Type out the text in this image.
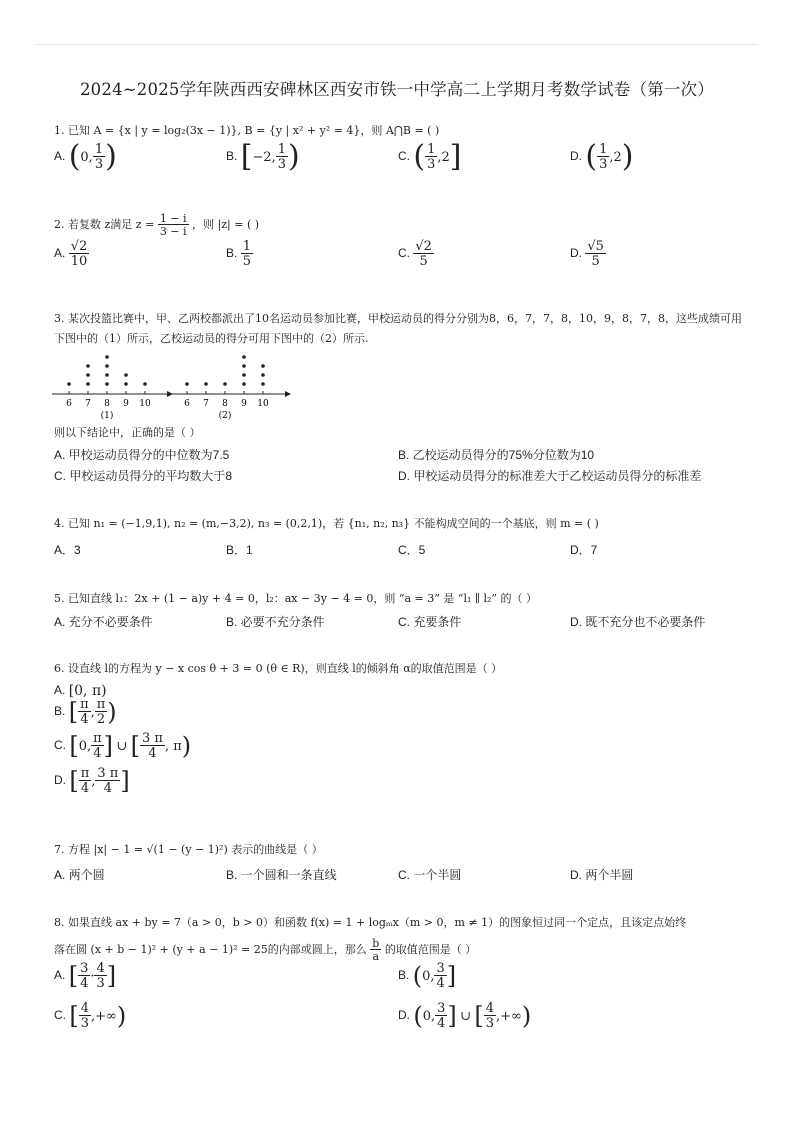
2024~2025学年陕西西安碑林区西安市铁一中学高二上学期月考数学试卷（第一次）
1. 已知 A = {x | y = log₂(3x − 1)}, B = {y | x² + y² = 4}，则 A⋂B = ( )
A. (0, $\frac{1}{3}$ )	B. [−2, $\frac{1}{3}$ )	C. ( $\frac{1}{3} ,2$]	D. ( $\frac{1}{3} ,2$)
2. 若复数 z满足 $z = \frac{1 - i}{3 - i}$ ，则 |z| = ( )
A. $\frac{√2}{10}$	B. $\frac{1}{5}$	C. $\frac{√2}{5}$	D. $\frac{√5}{5}$
3. 某次投篮比赛中，甲、乙两校都派出了10名运动员参加比赛，甲校运动员的得分分别为8，6，7，7，8，10，9，8，7，8，这些成绩可用下图中的（1）所示，乙校运动员的得分可用下图中的（2）所示.
6 7 8 9 10
(1)
6 7 8 9 10
(2)
则以下结论中，正确的是（ ）
A. 甲校运动员得分的中位数为7.5	B. 乙校运动员得分的75%分位数为10
C. 甲校运动员得分的平均数大于8	D. 甲校运动员得分的标准差大于乙校运动员得分的标准差
4. 已知 n₁ = (−1,9,1), n₂ = (m,−3,2), n₃ = (0,2,1)，若 {n₁, n₂, n₃} 不能构成空间的一个基底，则 m = ( )
A．3	B．1	C．5	D．7
5. 已知直线 l₁：2x + (1 − a)y + 4 = 0，l₂：ax − 3y − 4 = 0，则 “a = 3” 是 “l₁ ∥ l₂” 的（ ）
A. 充分不必要条件	B. 必要不充分条件	C. 充要条件	D. 既不充分也不必要条件
6. 设直线 l的方程为 y − x cos θ + 3 = 0 (θ ∈ R)，则直线 l的倾斜角 α的取值范围是（ ）
A. [0, π)
B. [ $\frac{\pi}{4}$ , $\frac{\pi}{2}$ )
C. [0, $\frac{\pi}{4}$ ] ∪ [ $\frac{3 \pi}{4}$ , π)
D. [ $\frac{\pi}{4}$ , $\frac{3 \pi}{4}$ ]
7. 方程 |x| − 1 = √(1 − (y − 1)²) 表示的曲线是（ ）
A. 两个圆	B. 一个圆和一条直线	C. 一个半圆	D. 两个半圆
8. 如果直线 ax + by = 7（a > 0，b > 0）和函数 f(x) = 1 + logₘx（m > 0，m ≠ 1）的图象恒过同一个定点，且该定点始终
落在圆 (x + b − 1)² + (y + a − 1)² = 25的内部或圆上，那么 $\frac{b}{a}$ 的取值范围是（ ）
A. [ $\frac{3}{4} \cdot \frac{4}{3}$ ]	B. (0, $\frac{3}{4}$ ]
C. [ $\frac{4}{3}$ ,+∞)	D. (0, $\frac{3}{4}$ ] ∪ [ $\frac{4}{3}$ ,+∞)
